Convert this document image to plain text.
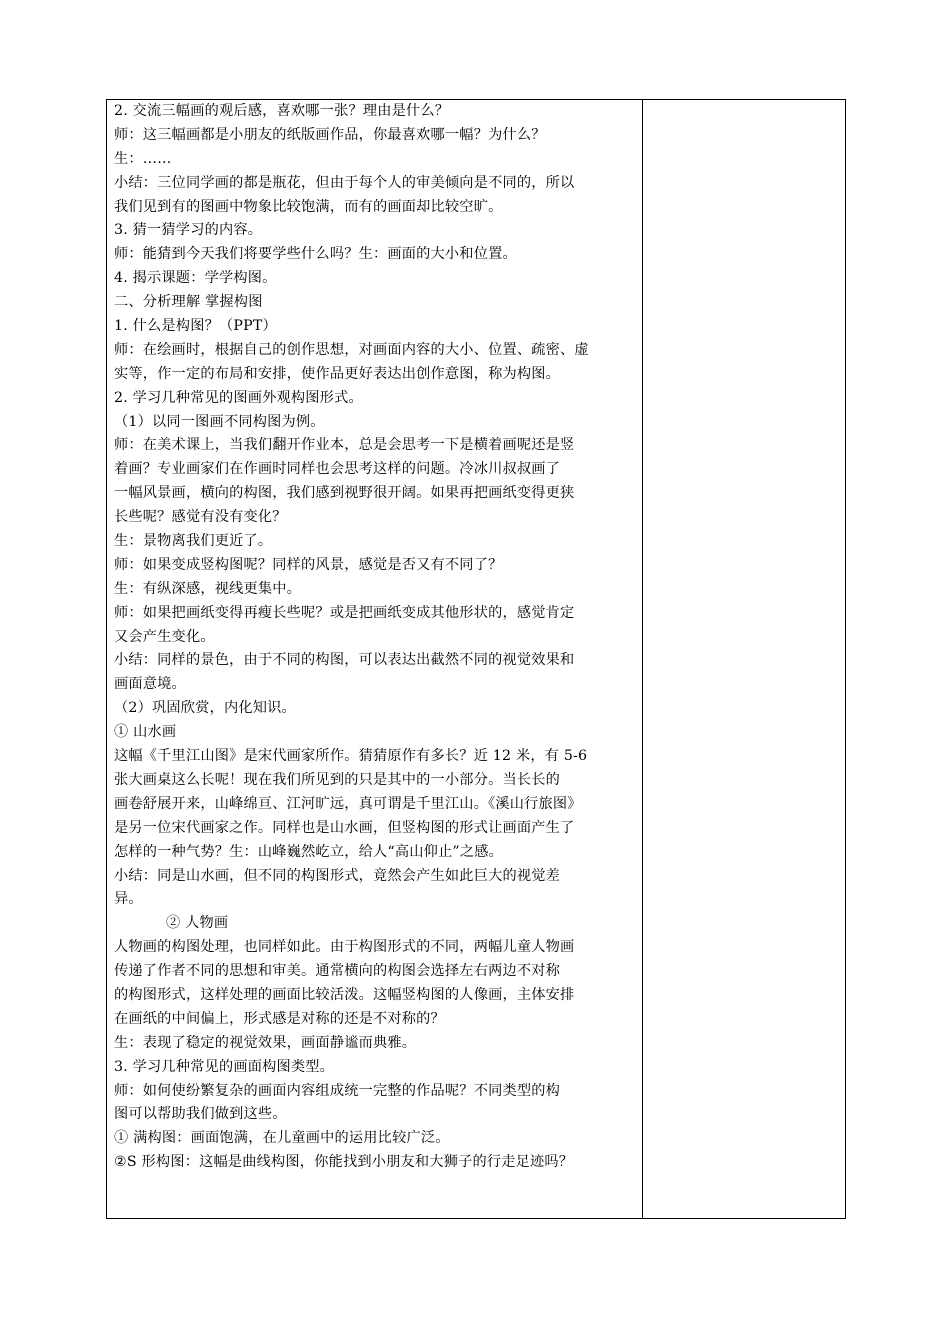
2. 交流三幅画的观后感，喜欢哪一张？理由是什么？
师：这三幅画都是小朋友的纸版画作品，你最喜欢哪一幅？为什么？
生：……
小结：三位同学画的都是瓶花，但由于每个人的审美倾向是不同的，所以
我们见到有的图画中物象比较饱满，而有的画面却比较空旷。
3. 猜一猜学习的内容。
师：能猜到今天我们将要学些什么吗？生：画面的大小和位置。
4. 揭示课题：学学构图。
二、分析理解 掌握构图
1. 什么是构图？（PPT）
师：在绘画时，根据自己的创作思想，对画面内容的大小、位置、疏密、虚
实等，作一定的布局和安排，使作品更好表达出创作意图，称为构图。
2. 学习几种常见的图画外观构图形式。
（1）以同一图画不同构图为例。
师：在美术课上，当我们翻开作业本，总是会思考一下是横着画呢还是竖
着画？专业画家们在作画时同样也会思考这样的问题。冷冰川叔叔画了
一幅风景画，横向的构图，我们感到视野很开阔。如果再把画纸变得更狭
长些呢？感觉有没有变化？
生：景物离我们更近了。
师：如果变成竖构图呢？同样的风景，感觉是否又有不同了？
生：有纵深感，视线更集中。
师：如果把画纸变得再瘦长些呢？或是把画纸变成其他形状的，感觉肯定
又会产生变化。
小结：同样的景色，由于不同的构图，可以表达出截然不同的视觉效果和
画面意境。
（2）巩固欣赏，内化知识。
① 山水画
这幅《千里江山图》是宋代画家所作。猜猜原作有多长？近 12 米，有 5-6
张大画桌这么长呢！现在我们所见到的只是其中的一小部分。当长长的
画卷舒展开来，山峰绵亘、江河旷远，真可谓是千里江山。《溪山行旅图》
是另一位宋代画家之作。同样也是山水画，但竖构图的形式让画面产生了
怎样的一种气势？生：山峰巍然屹立，给人“高山仰止”之感。
小结：同是山水画，但不同的构图形式，竟然会产生如此巨大的视觉差
异。
② 人物画
人物画的构图处理，也同样如此。由于构图形式的不同，两幅儿童人物画
传递了作者不同的思想和审美。通常横向的构图会选择左右两边不对称
的构图形式，这样处理的画面比较活泼。这幅竖构图的人像画，主体安排
在画纸的中间偏上，形式感是对称的还是不对称的？
生：表现了稳定的视觉效果，画面静谧而典雅。
3. 学习几种常见的画面构图类型。
师：如何使纷繁复杂的画面内容组成统一完整的作品呢？不同类型的构
图可以帮助我们做到这些。
① 满构图：画面饱满，在儿童画中的运用比较广泛。
②S 形构图：这幅是曲线构图，你能找到小朋友和大狮子的行走足迹吗？
